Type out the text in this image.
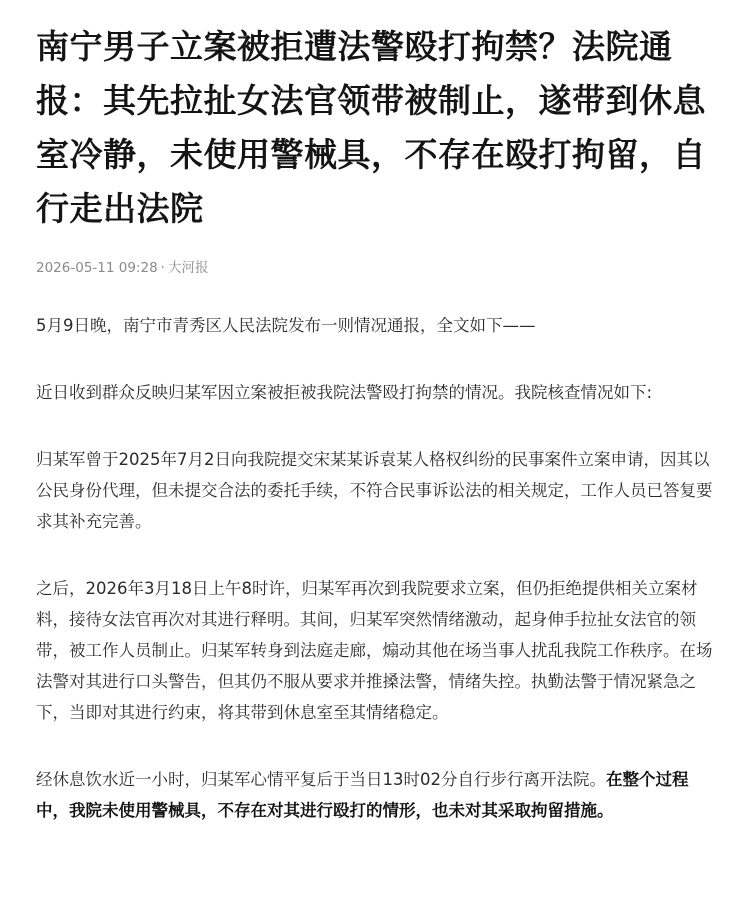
南宁男子立案被拒遭法警殴打拘禁？法院通报：其先拉扯女法官领带被制止，遂带到休息室冷静，未使用警械具，不存在殴打拘留，自行走出法院
2026-05-11 09:28 · 大河报

5月9日晚，南宁市青秀区人民法院发布一则情况通报，全文如下——

近日收到群众反映归某军因立案被拒被我院法警殴打拘禁的情况。我院核查情况如下:

归某军曾于2025年7月2日向我院提交宋某某诉袁某人格权纠纷的民事案件立案申请，因其以公民身份代理，但未提交合法的委托手续，不符合民事诉讼法的相关规定，工作人员已答复要求其补充完善。

之后，2026年3月18日上午8时许，归某军再次到我院要求立案，但仍拒绝提供相关立案材料，接待女法官再次对其进行释明。其间，归某军突然情绪激动，起身伸手拉扯女法官的领带，被工作人员制止。归某军转身到法庭走廊，煽动其他在场当事人扰乱我院工作秩序。在场法警对其进行口头警告，但其仍不服从要求并推搡法警，情绪失控。执勤法警于情况紧急之下，当即对其进行约束，将其带到休息室至其情绪稳定。

经休息饮水近一小时，归某军心情平复后于当日13时02分自行步行离开法院。在整个过程中，我院未使用警械具，不存在对其进行殴打的情形，也未对其采取拘留措施。
